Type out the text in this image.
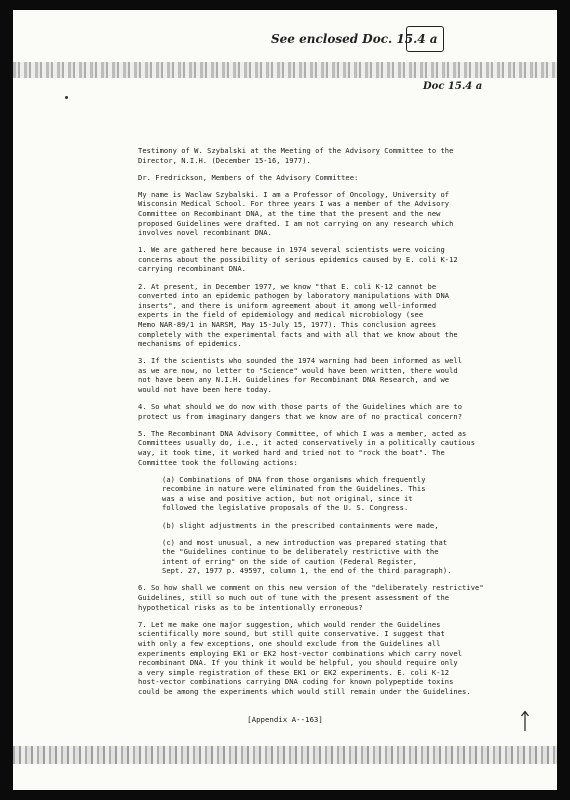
See enclosed Doc. 15.4 a
Doc 15.4 a

Testimony of W. Szybalski at the Meeting of the Advisory Committee to the

Director, N.I.H. (December 15-16, 1977).

Dr. Fredrickson, Members of the Advisory Committee:

My name is Waclaw Szybalski. I am a Professor of Oncology, University of

Wisconsin Medical School. For three years I was a member of the Advisory

Committee on Recombinant DNA, at the time that the present and the new

proposed Guidelines were drafted. I am not carrying on any research which

involves novel recombinant DNA.

1. We are gathered here because in 1974 several scientists were voicing

concerns about the possibility of serious epidemics caused by E. coli K-12

carrying recombinant DNA.

2. At present, in December 1977, we know "that E. coli K-12 cannot be

converted into an epidemic pathogen by laboratory manipulations with DNA

inserts", and there is uniform agreement about it among well-informed

experts in the field of epidemiology and medical microbiology (see

Memo NAR-89/1 in NARSM, May 15-July 15, 1977). This conclusion agrees

completely with the experimental facts and with all that we know about the

mechanisms of epidemics.

3. If the scientists who sounded the 1974 warning had been informed as well

as we are now, no letter to "Science" would have been written, there would

not have been any N.I.H. Guidelines for Recombinant DNA Research, and we

would not have been here today.

4. So what should we do now with those parts of the Guidelines which are to

protect us from imaginary dangers that we know are of no practical concern?

5. The Recombinant DNA Advisory Committee, of which I was a member, acted as

Committees usually do, i.e., it acted conservatively in a politically cautious

way, it took time, it worked hard and tried not to "rock the boat". The

Committee took the following actions:

(a) Combinations of DNA from those organisms which frequently

recombine in nature were eliminated from the Guidelines. This

was a wise and positive action, but not original, since it

followed the legislative proposals of the U. S. Congress.

(b) slight adjustments in the prescribed containments were made,

(c) and most unusual, a new introduction was prepared stating that

the "Guidelines continue to be deliberately restrictive with the

intent of erring" on the side of caution (Federal Register,

Sept. 27, 1977 p. 49597, column 1, the end of the third paragraph).

6. So how shall we comment on this new version of the "deliberately restrictive"

Guidelines, still so much out of tune with the present assessment of the

hypothetical risks as to be intentionally erroneous?

7. Let me make one major suggestion, which would render the Guidelines

scientifically more sound, but still quite conservative. I suggest that

with only a few exceptions, one should exclude from the Guidelines all

experiments employing EK1 or EK2 host-vector combinations which carry novel

recombinant DNA. If you think it would be helpful, you should require only

a very simple registration of these EK1 or EK2 experiments. E. coli K-12

host-vector combinations carrying DNA coding for known polypeptide toxins

could be among the experiments which would still remain under the Guidelines.

[Appendix A--163]
